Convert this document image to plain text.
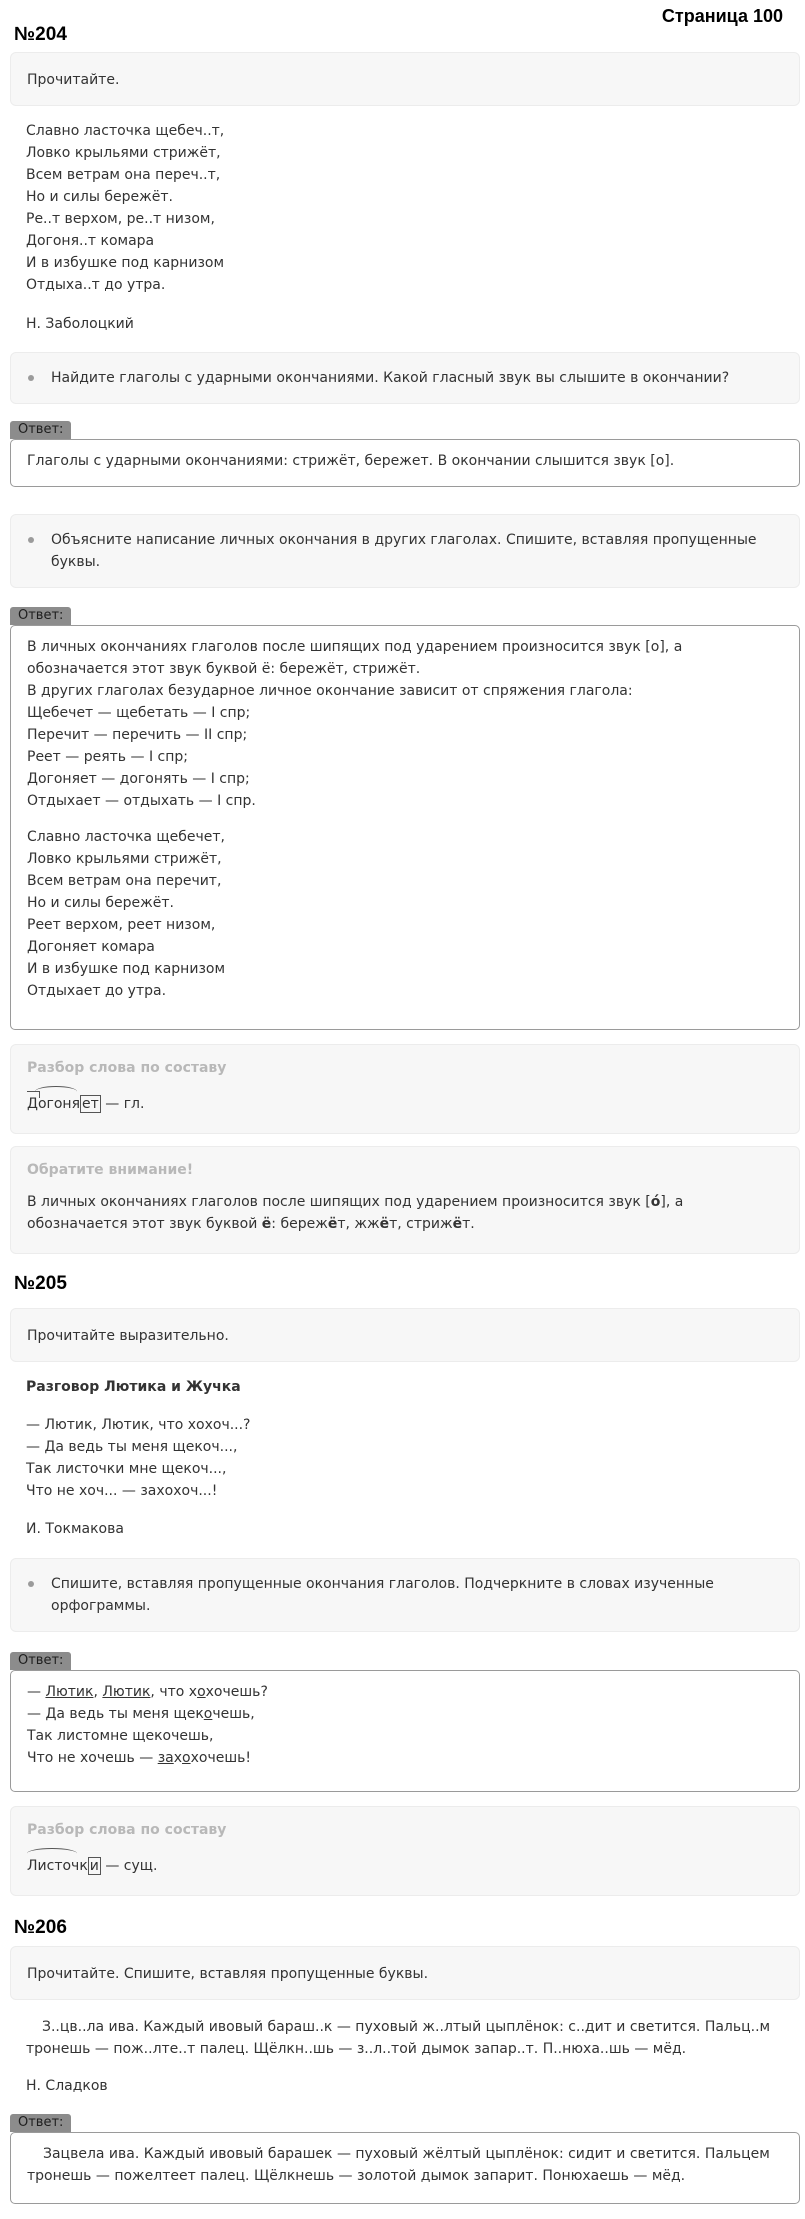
Страница 100
№204
Прочитайте.
Славно ласточка щебеч..т,
Ловко крыльями стрижёт,
Всем ветрам она переч..т,
Но и силы бережёт.
Ре..т верхом, ре..т низом,
Догоня..т комара
И в избушке под карнизом
Отдыха..т до утра.
Н. Заболоцкий
Найдите глаголы с ударными окончаниями. Какой гласный звук вы слышите в окончании?
Ответ:
Глаголы с ударными окончаниями: стрижёт, бережет. В окончании слышится звук [о].
Объясните написание личных окончания в других глаголах. Спишите, вставляя пропущенные буквы.
Ответ:
В личных окончаниях глаголов после шипящих под ударением произносится звук [о], а
обозначается этот звук буквой ё: бережёт, стрижёт.
В других глаголах безударное личное окончание зависит от спряжения глагола:
Щебечет — щебетать — I спр;
Перечит — перечить — II спр;
Реет — реять — I спр;
Догоняет — догонять — I спр;
Отдыхает — отдыхать — I спр.
Славно ласточка щебечет,
Ловко крыльями стрижёт,
Всем ветрам она перечит,
Но и силы бережёт.
Реет верхом, реет низом,
Догоняет комара
И в избушке под карнизом
Отдыхает до утра.
Разбор слова по составу
Догоня ет — гл.
Обратите внимание!
В личных окончаниях глаголов после шипящих под ударением произносится звук [ó], а
обозначается этот звук буквой ё: бережёт, жжёт, стрижёт.
№205
Прочитайте выразительно.
Разговор Лютика и Жучка
— Лютик, Лютик, что хохоч...?
— Да ведь ты меня щекоч...,
Так листочки мне щекоч...,
Что не хоч... — захохоч...!
И. Токмакова
Спишите, вставляя пропущенные окончания глаголов. Подчеркните в словах изученные орфограммы.
Ответ:
— Лютик, Лютик, что хохочешь?
— Да ведь ты меня щекочешь,
Так листомне щекочешь,
Что не хочешь — захохочешь!
Разбор слова по составу
Листочк и — сущ.
№206
Прочитайте. Спишите, вставляя пропущенные буквы.
З..цв..ла ива. Каждый ивовый бараш..к — пуховый ж..лтый цыплёнок: с..дит и светится. Пальц..м
тронешь — пож..лте..т палец. Щёлкн..шь — з..л..той дымок запар..т. П..нюха..шь — мёд.
Н. Сладков
Ответ:
Зацвела ива. Каждый ивовый барашек — пуховый жёлтый цыплёнок: сидит и светится. Пальцем
тронешь — пожелтеет палец. Щёлкнешь — золотой дымок запарит. Понюхаешь — мёд.
